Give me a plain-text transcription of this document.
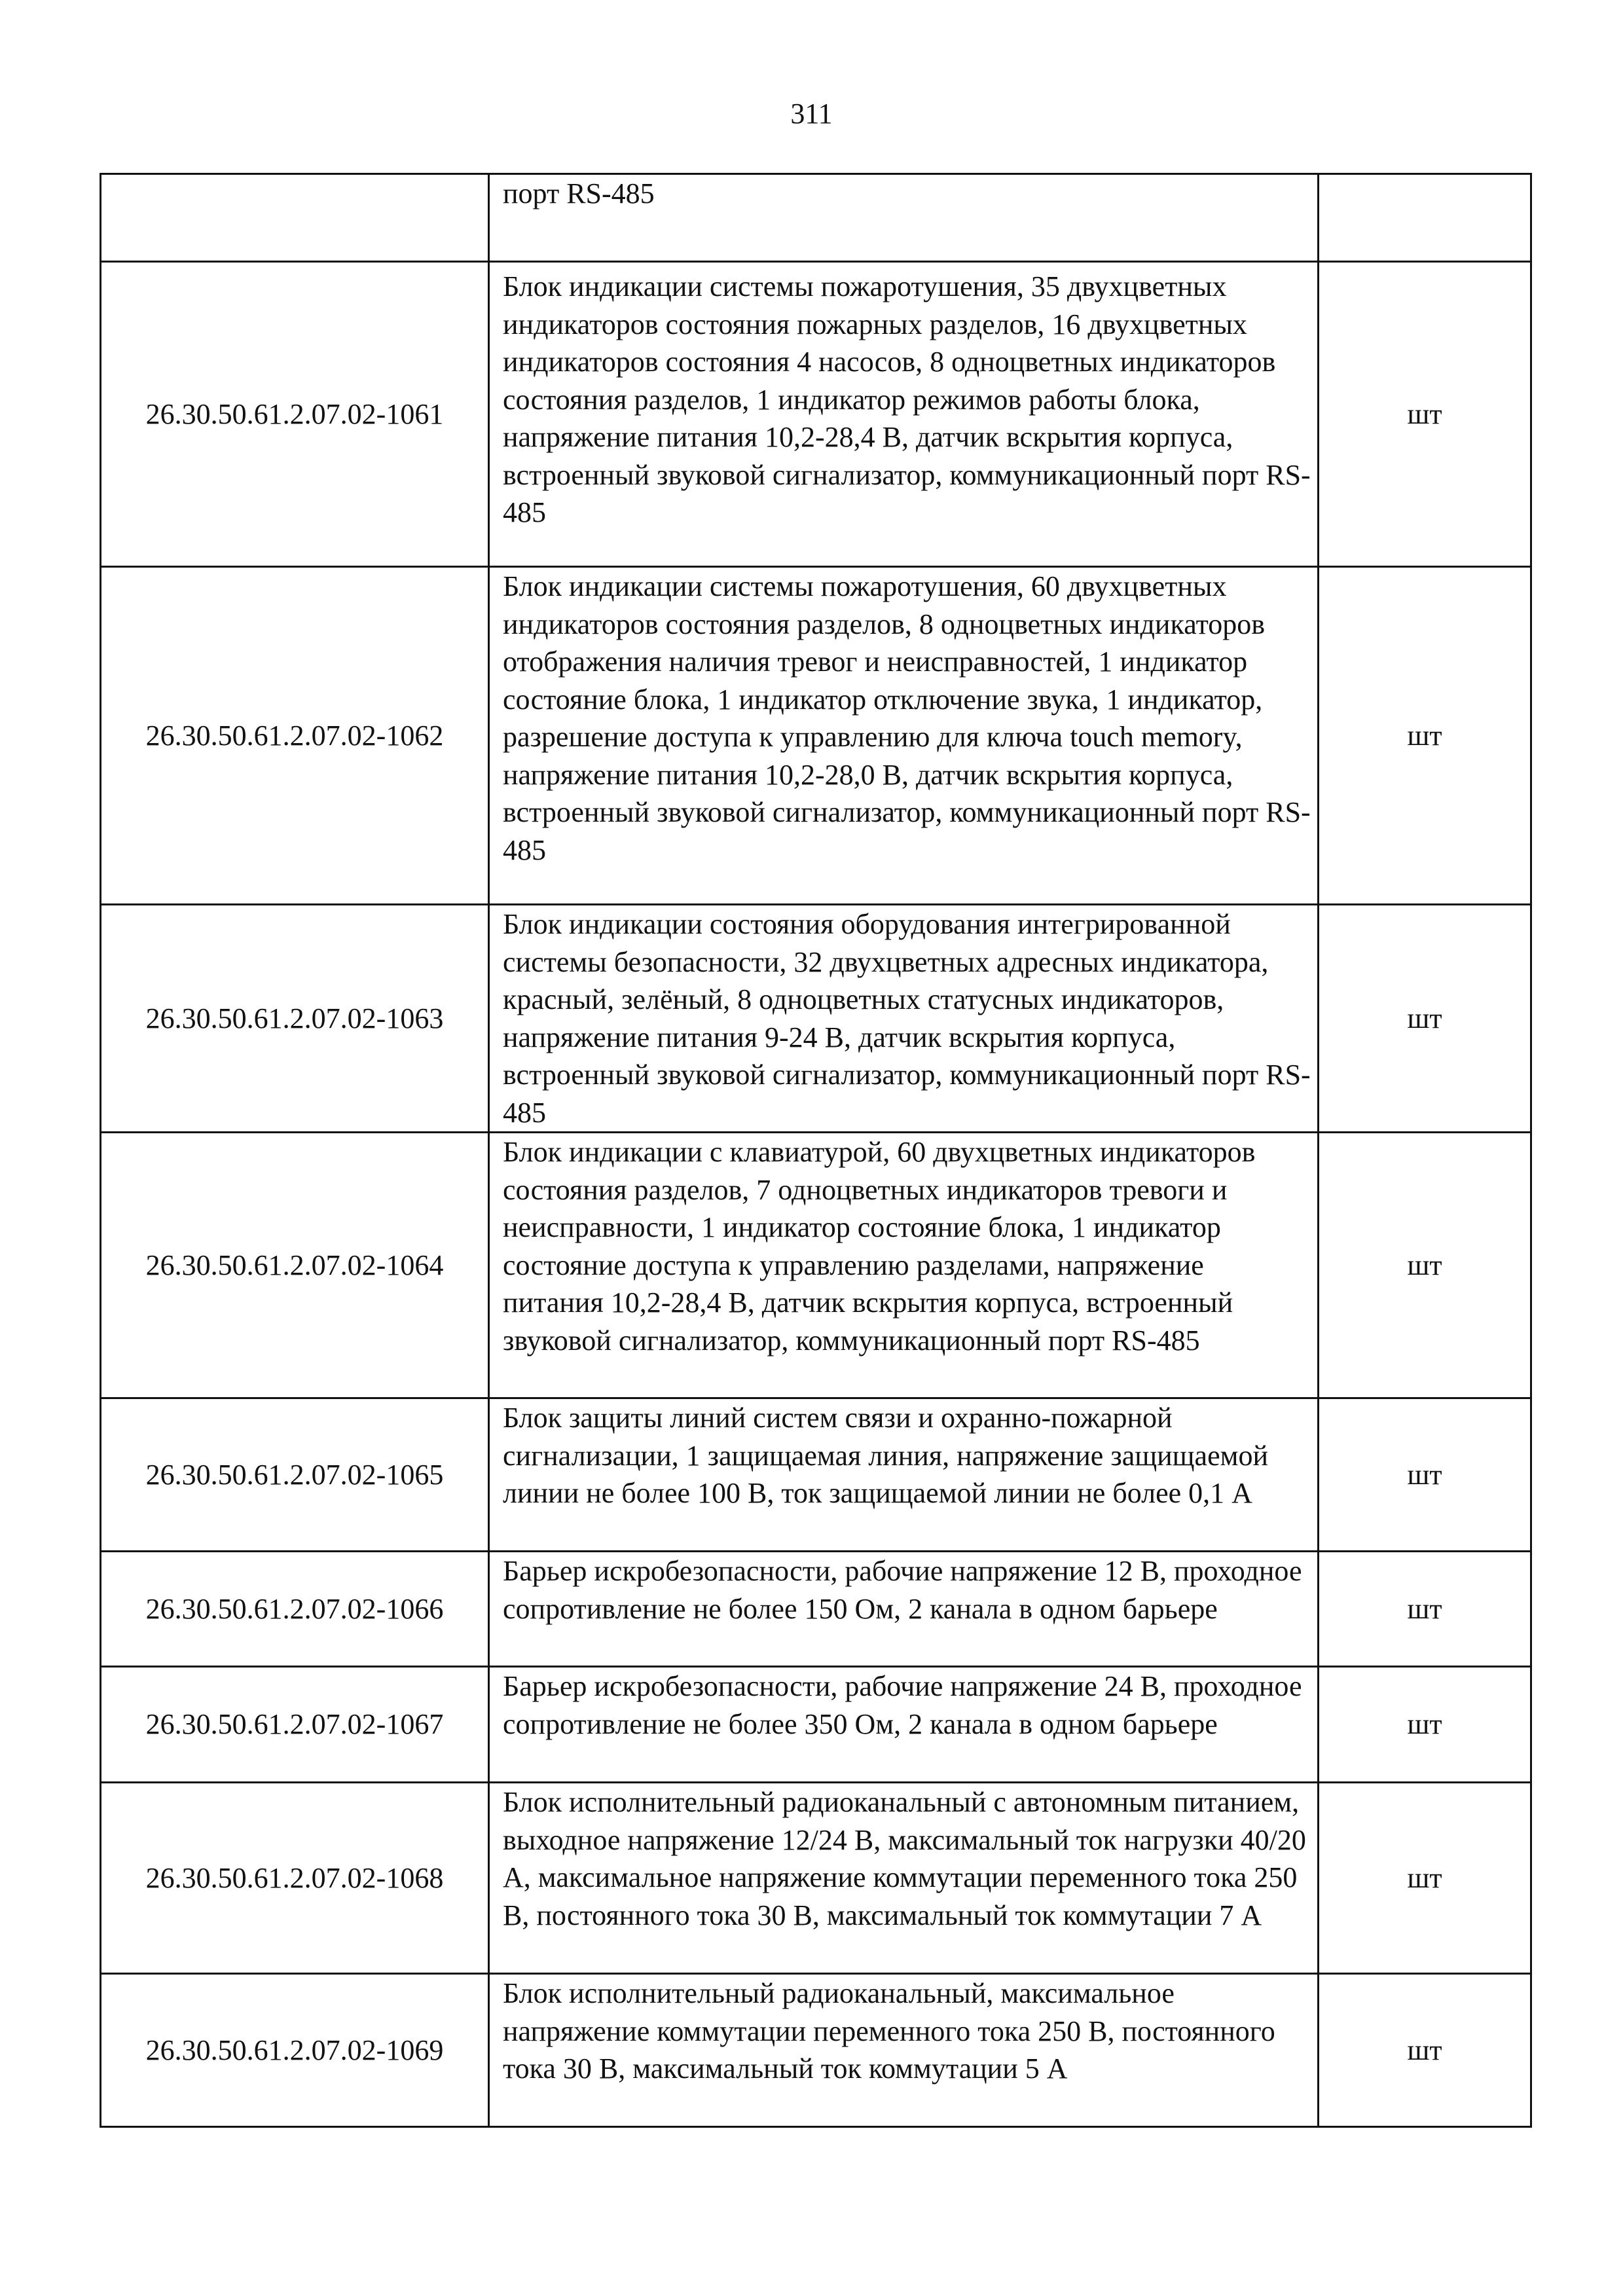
311
	порт RS-485	
26.30.50.61.2.07.02-1061	Блок индикации системы пожаротушения, 35 двухцветных индикаторов состояния пожарных разделов, 16 двухцветных индикаторов состояния 4 насосов, 8 одноцветных индикаторов состояния разделов, 1 индикатор режимов работы блока, напряжение питания 10,2-28,4 В, датчик вскрытия корпуса, встроенный звуковой сигнализатор, коммуникационный порт RS-485	шт
26.30.50.61.2.07.02-1062	Блок индикации системы пожаротушения, 60 двухцветных индикаторов состояния разделов, 8 одноцветных индикаторов отображения наличия тревог и неисправностей, 1 индикатор состояние блока, 1 индикатор отключение звука, 1 индикатор, разрешение доступа к управлению для ключа touch memory, напряжение питания 10,2-28,0 В, датчик вскрытия корпуса, встроенный звуковой сигнализатор, коммуникационный порт RS-485	шт
26.30.50.61.2.07.02-1063	Блок индикации состояния оборудования интегрированной системы безопасности, 32 двухцветных адресных индикатора, красный, зелёный, 8 одноцветных статусных индикаторов, напряжение питания 9-24 В, датчик вскрытия корпуса, встроенный звуковой сигнализатор, коммуникационный порт RS-485	шт
26.30.50.61.2.07.02-1064	Блок индикации с клавиатурой, 60 двухцветных индикаторов состояния разделов, 7 одноцветных индикаторов тревоги и неисправности, 1 индикатор состояние блока, 1 индикатор состояние доступа к управлению разделами, напряжение питания 10,2-28,4 В, датчик вскрытия корпуса, встроенный звуковой сигнализатор, коммуникационный порт RS-485	шт
26.30.50.61.2.07.02-1065	Блок защиты линий систем связи и охранно-пожарной сигнализации, 1 защищаемая линия, напряжение защищаемой линии не более 100 В, ток защищаемой линии не более 0,1 А	шт
26.30.50.61.2.07.02-1066	Барьер искробезопасности, рабочие напряжение 12 В, проходное сопротивление не более 150 Ом, 2 канала в одном барьере	шт
26.30.50.61.2.07.02-1067	Барьер искробезопасности, рабочие напряжение 24 В, проходное сопротивление не более 350 Ом, 2 канала в одном барьере	шт
26.30.50.61.2.07.02-1068	Блок исполнительный радиоканальный с автономным питанием, выходное напряжение 12/24 В, максимальный ток нагрузки 40/20 А, максимальное напряжение коммутации переменного тока 250 В, постоянного тока 30 В, максимальный ток коммутации 7 А	шт
26.30.50.61.2.07.02-1069	Блок исполнительный радиоканальный, максимальное напряжение коммутации переменного тока 250 В, постоянного тока 30 В, максимальный ток коммутации 5 А	шт
